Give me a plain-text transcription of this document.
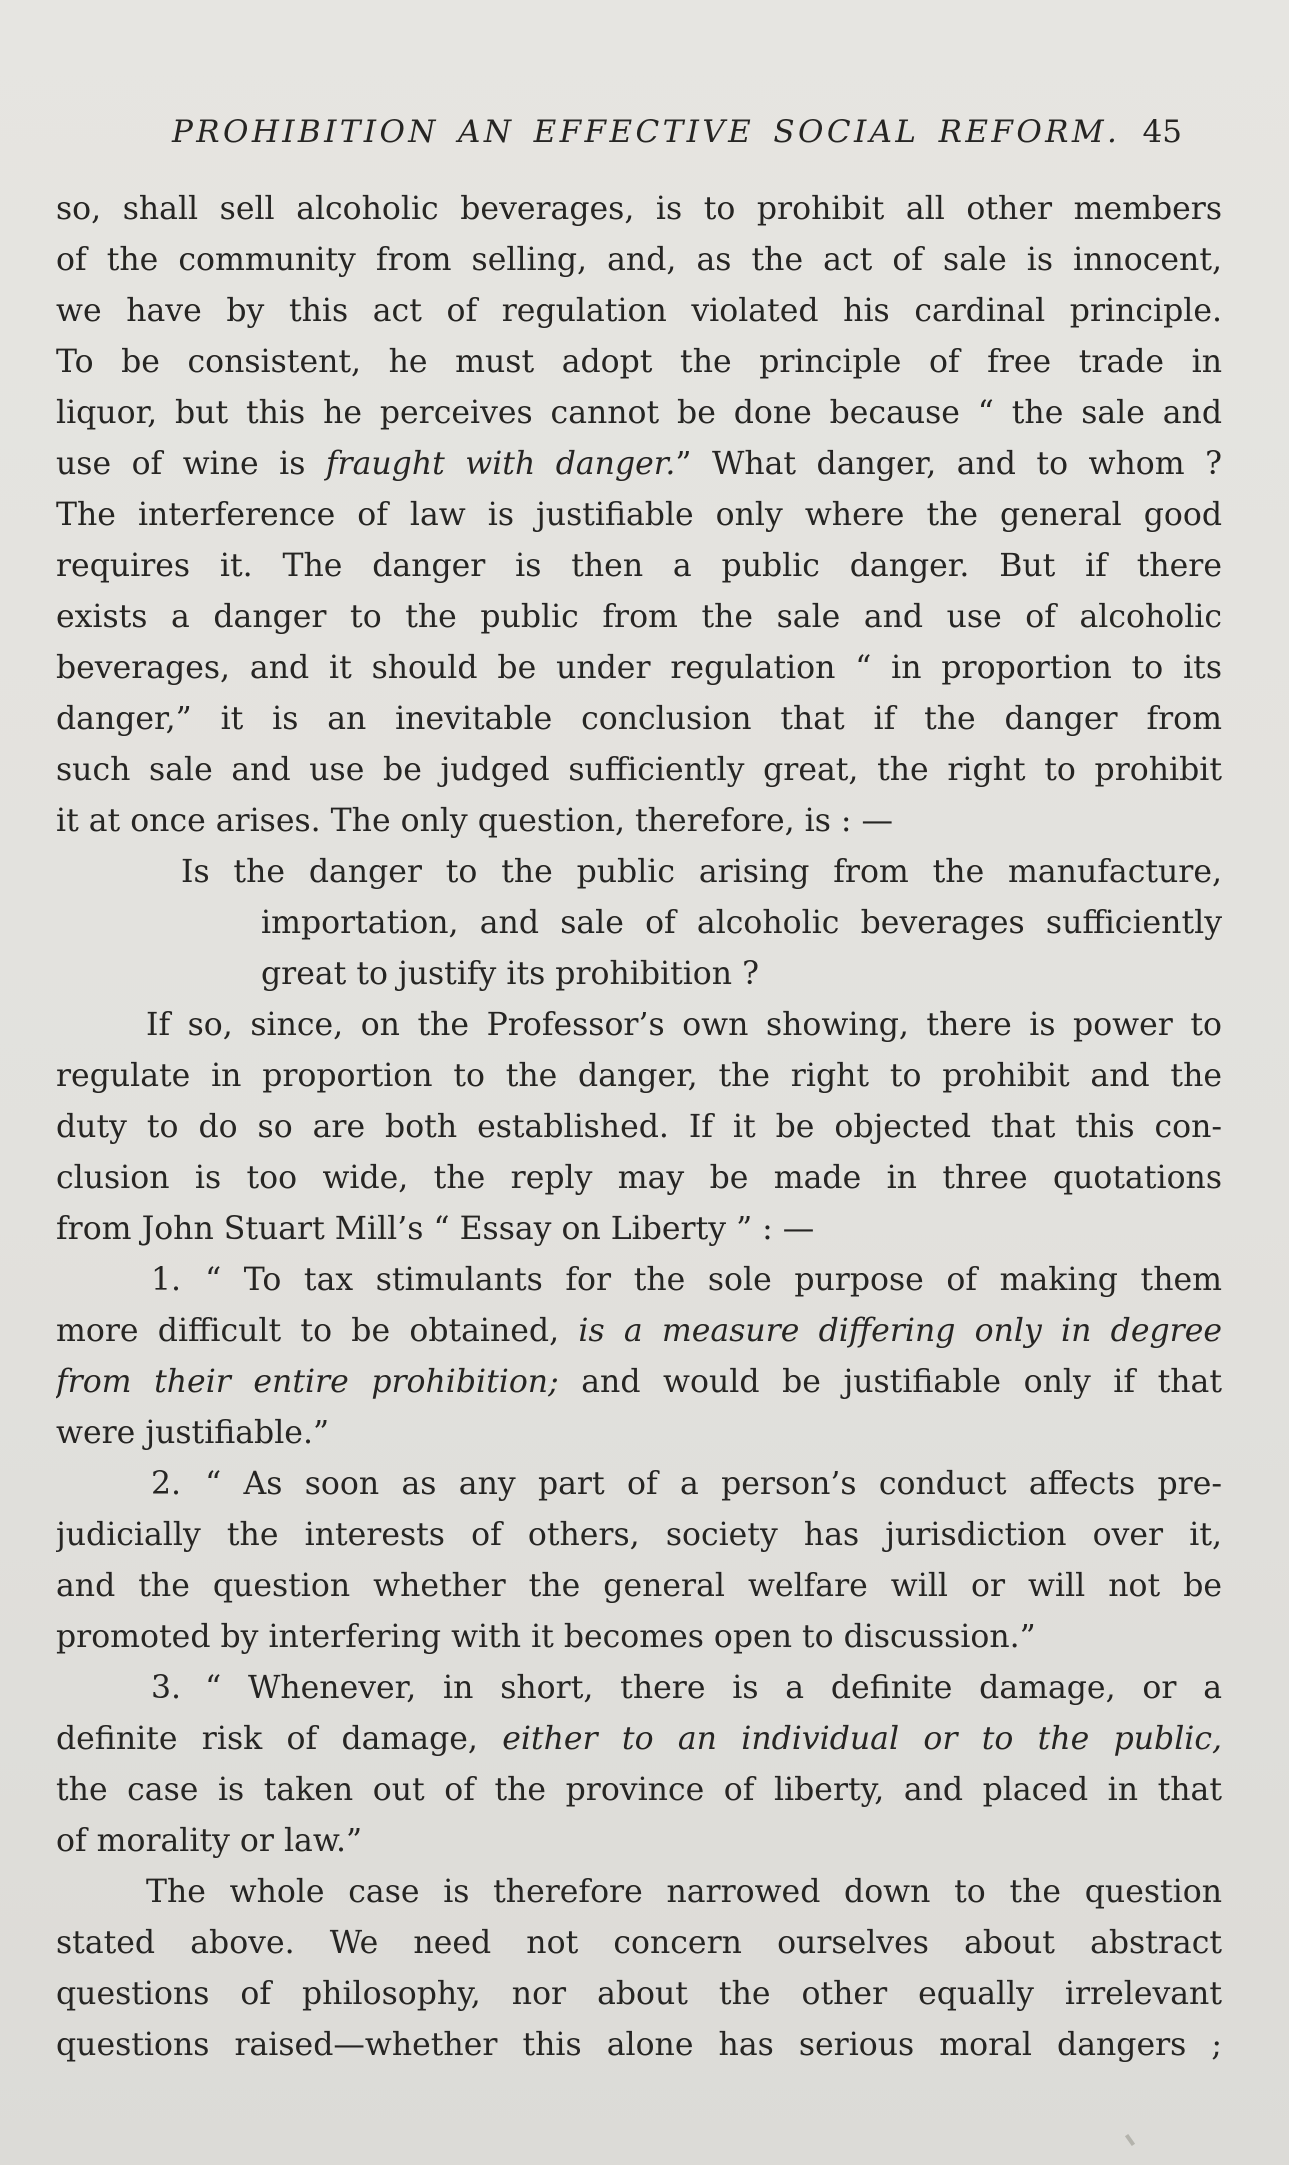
PROHIBITION AN EFFECTIVE SOCIAL REFORM. 45
so, shall sell alcoholic beverages, is to prohibit all other members
of the community from selling, and, as the act of sale is innocent,
we have by this act of regulation violated his cardinal principle.
To be consistent, he must adopt the principle of free trade in
liquor, but this he perceives cannot be done because “ the sale and
use of wine is fraught with danger.” What danger, and to whom ?
The interference of law is justifiable only where the general good
requires it. The danger is then a public danger. But if there
exists a danger to the public from the sale and use of alcoholic
beverages, and it should be under regulation “ in proportion to its
danger,” it is an inevitable conclusion that if the danger from
such sale and use be judged sufficiently great, the right to prohibit
it at once arises. The only question, therefore, is : —
Is the danger to the public arising from the manufacture,
importation, and sale of alcoholic beverages sufficiently
great to justify its prohibition ?
If so, since, on the Professor’s own showing, there is power to
regulate in proportion to the danger, the right to prohibit and the
duty to do so are both established. If it be objected that this con-
clusion is too wide, the reply may be made in three quotations
from John Stuart Mill’s “ Essay on Liberty ” : —
1. “ To tax stimulants for the sole purpose of making them
more difficult to be obtained, is a measure differing only in degree
from their entire prohibition; and would be justifiable only if that
were justifiable.”
2. “ As soon as any part of a person’s conduct affects pre-
judicially the interests of others, society has jurisdiction over it,
and the question whether the general welfare will or will not be
promoted by interfering with it becomes open to discussion.”
3. “ Whenever, in short, there is a definite damage, or a
definite risk of damage, either to an individual or to the public,
the case is taken out of the province of liberty, and placed in that
of morality or law.”
The whole case is therefore narrowed down to the question
stated above. We need not concern ourselves about abstract
questions of philosophy, nor about the other equally irrelevant
questions raised—whether this alone has serious moral dangers ;
